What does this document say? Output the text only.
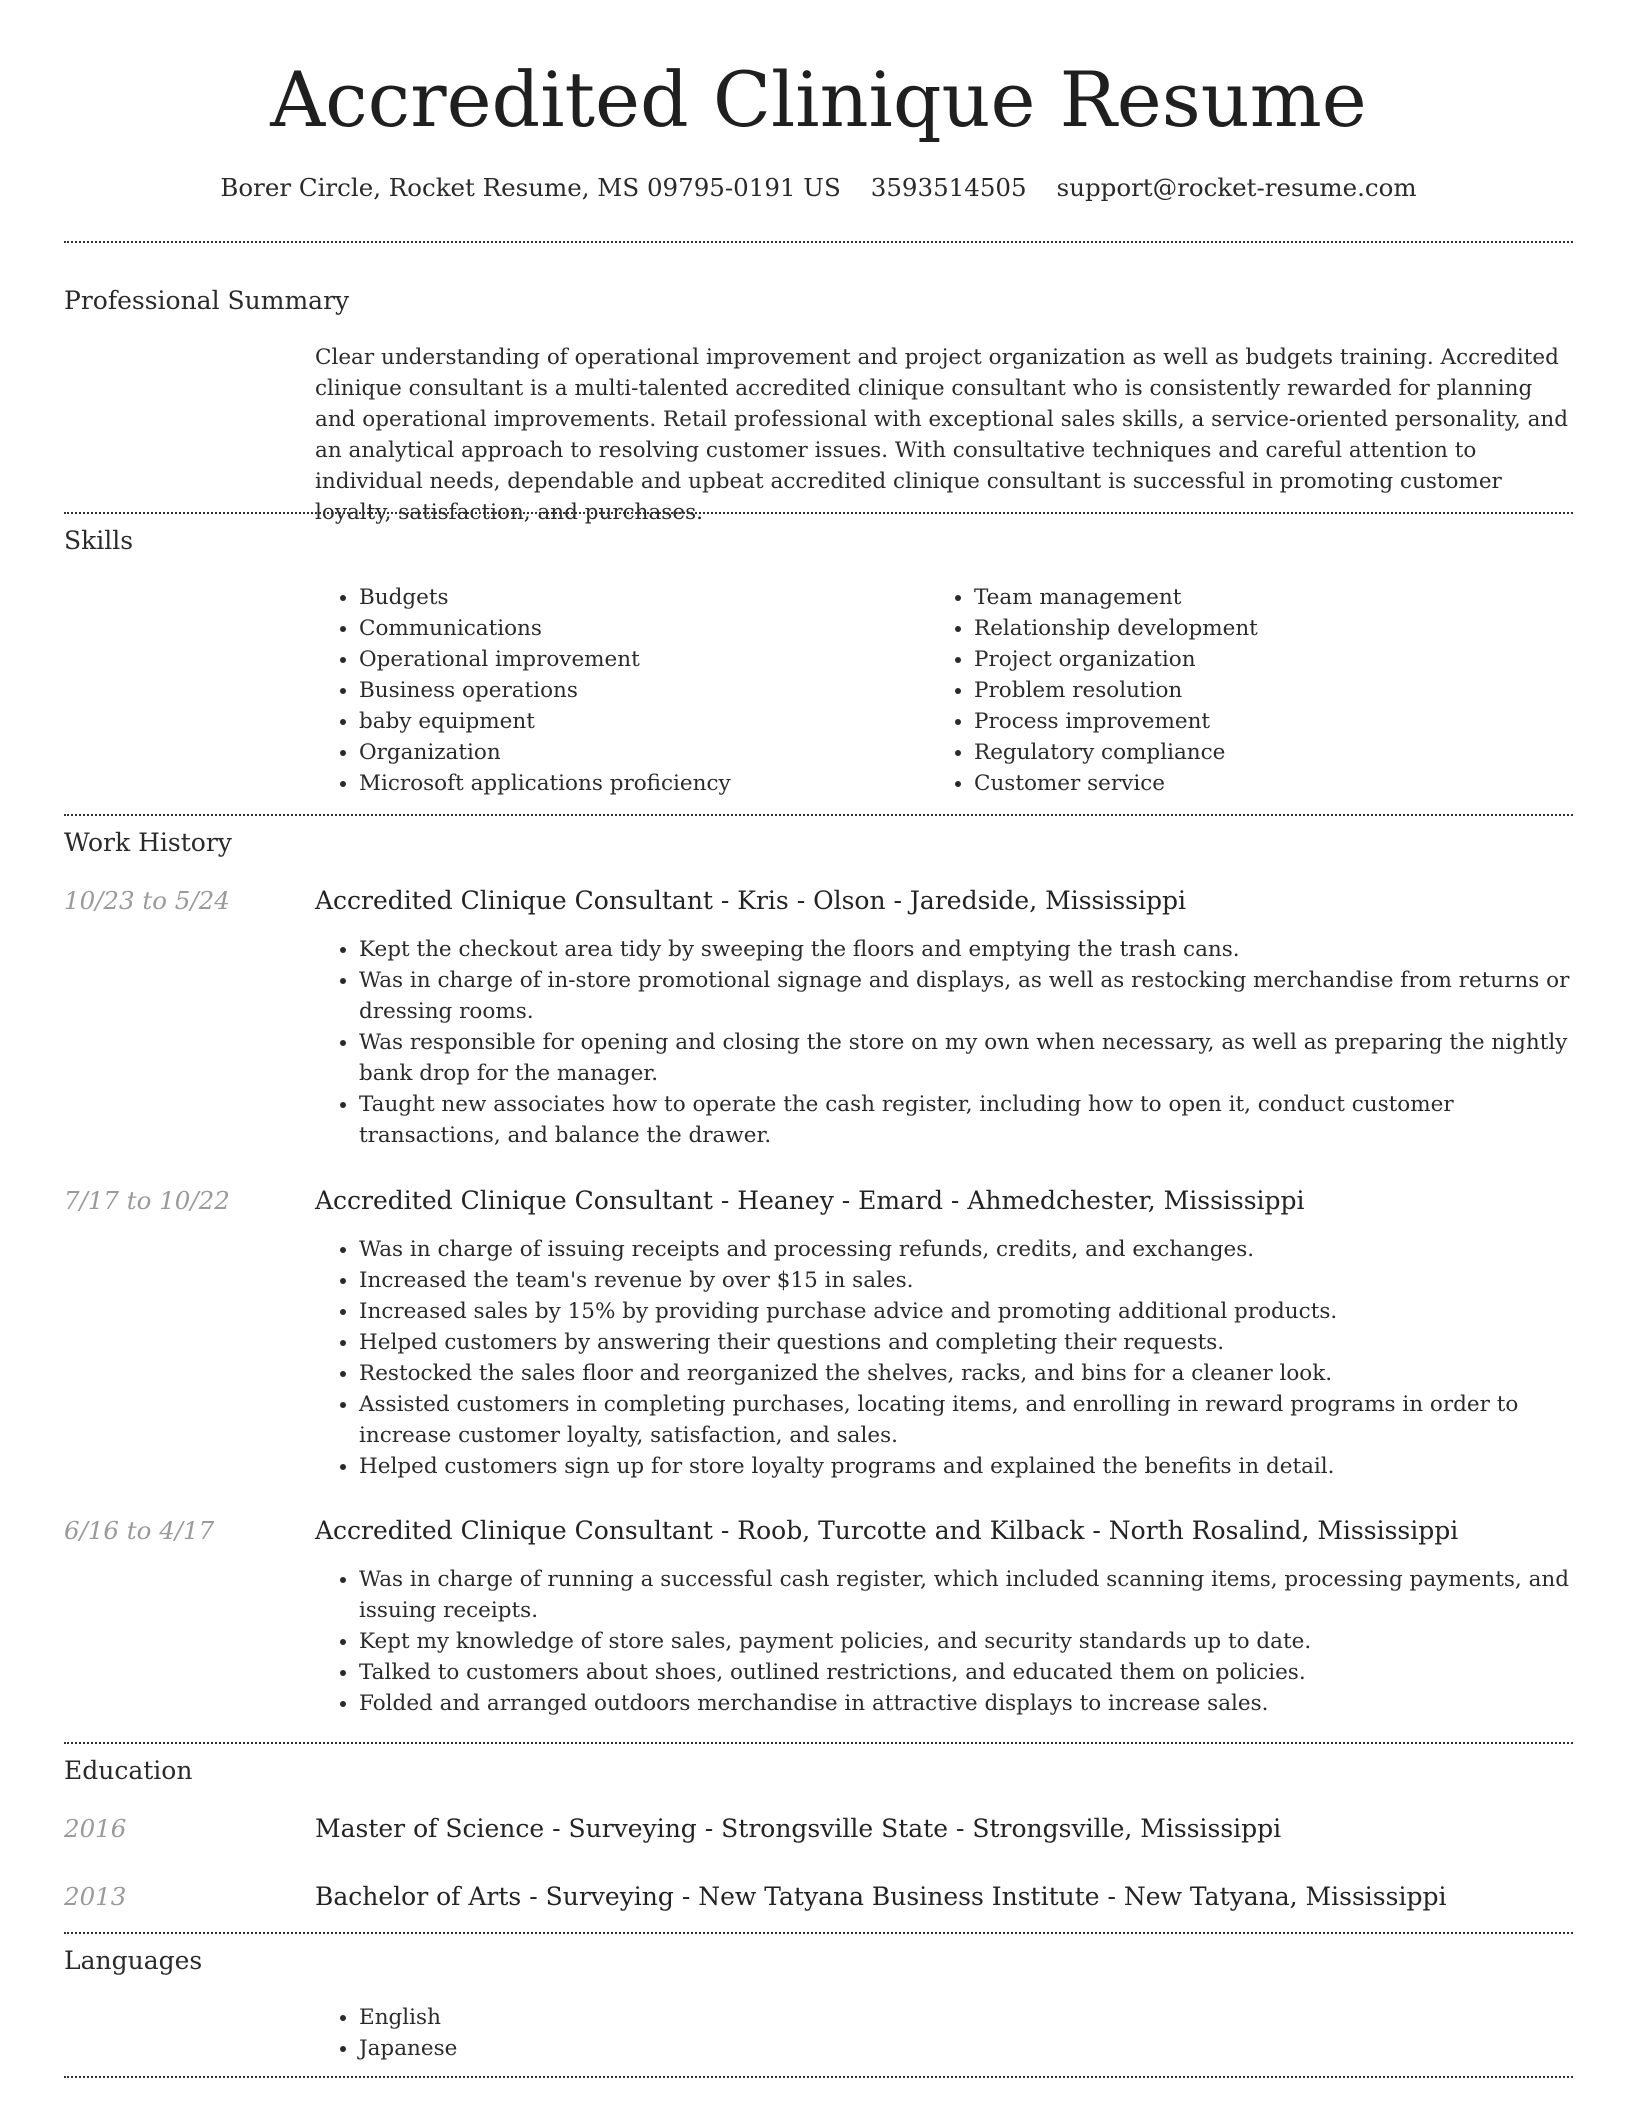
Accredited Clinique Resume
Borer Circle, Rocket Resume, MS 09795-0191 US 3593514505 support@rocket-resume.com
Professional Summary

Clear understanding of operational improvement and project organization as well as budgets training. Accredited clinique consultant is a multi-talented accredited clinique consultant who is consistently rewarded for planning and operational improvements. Retail professional with exceptional sales skills, a service-oriented personality, and an analytical approach to resolving customer issues. With consultative techniques and careful attention to individual needs, dependable and upbeat accredited clinique consultant is successful in promoting customer loyalty, satisfaction, and purchases.

Skills
• Budgets
• Communications
• Operational improvement
• Business operations
• baby equipment
• Organization
• Microsoft applications proficiency
• Team management
• Relationship development
• Project organization
• Problem resolution
• Process improvement
• Regulatory compliance
• Customer service
Work History
10/23 to 5/24	Accredited Clinique Consultant - Kris - Olson - Jaredside, Mississippi
• Kept the checkout area tidy by sweeping the floors and emptying the trash cans.
• Was in charge of in-store promotional signage and displays, as well as restocking merchandise from returns or dressing rooms.
• Was responsible for opening and closing the store on my own when necessary, as well as preparing the nightly bank drop for the manager.
• Taught new associates how to operate the cash register, including how to open it, conduct customer transactions, and balance the drawer.
7/17 to 10/22	Accredited Clinique Consultant - Heaney - Emard - Ahmedchester, Mississippi
• Was in charge of issuing receipts and processing refunds, credits, and exchanges.
• Increased the team's revenue by over $15 in sales.
• Increased sales by 15% by providing purchase advice and promoting additional products.
• Helped customers by answering their questions and completing their requests.
• Restocked the sales floor and reorganized the shelves, racks, and bins for a cleaner look.
• Assisted customers in completing purchases, locating items, and enrolling in reward programs in order to increase customer loyalty, satisfaction, and sales.
• Helped customers sign up for store loyalty programs and explained the benefits in detail.
6/16 to 4/17	Accredited Clinique Consultant - Roob, Turcotte and Kilback - North Rosalind, Mississippi
• Was in charge of running a successful cash register, which included scanning items, processing payments, and issuing receipts.
• Kept my knowledge of store sales, payment policies, and security standards up to date.
• Talked to customers about shoes, outlined restrictions, and educated them on policies.
• Folded and arranged outdoors merchandise in attractive displays to increase sales.
Education
2016	Master of Science - Surveying - Strongsville State - Strongsville, Mississippi
2013	Bachelor of Arts - Surveying - New Tatyana Business Institute - New Tatyana, Mississippi
Languages
• English
• Japanese
